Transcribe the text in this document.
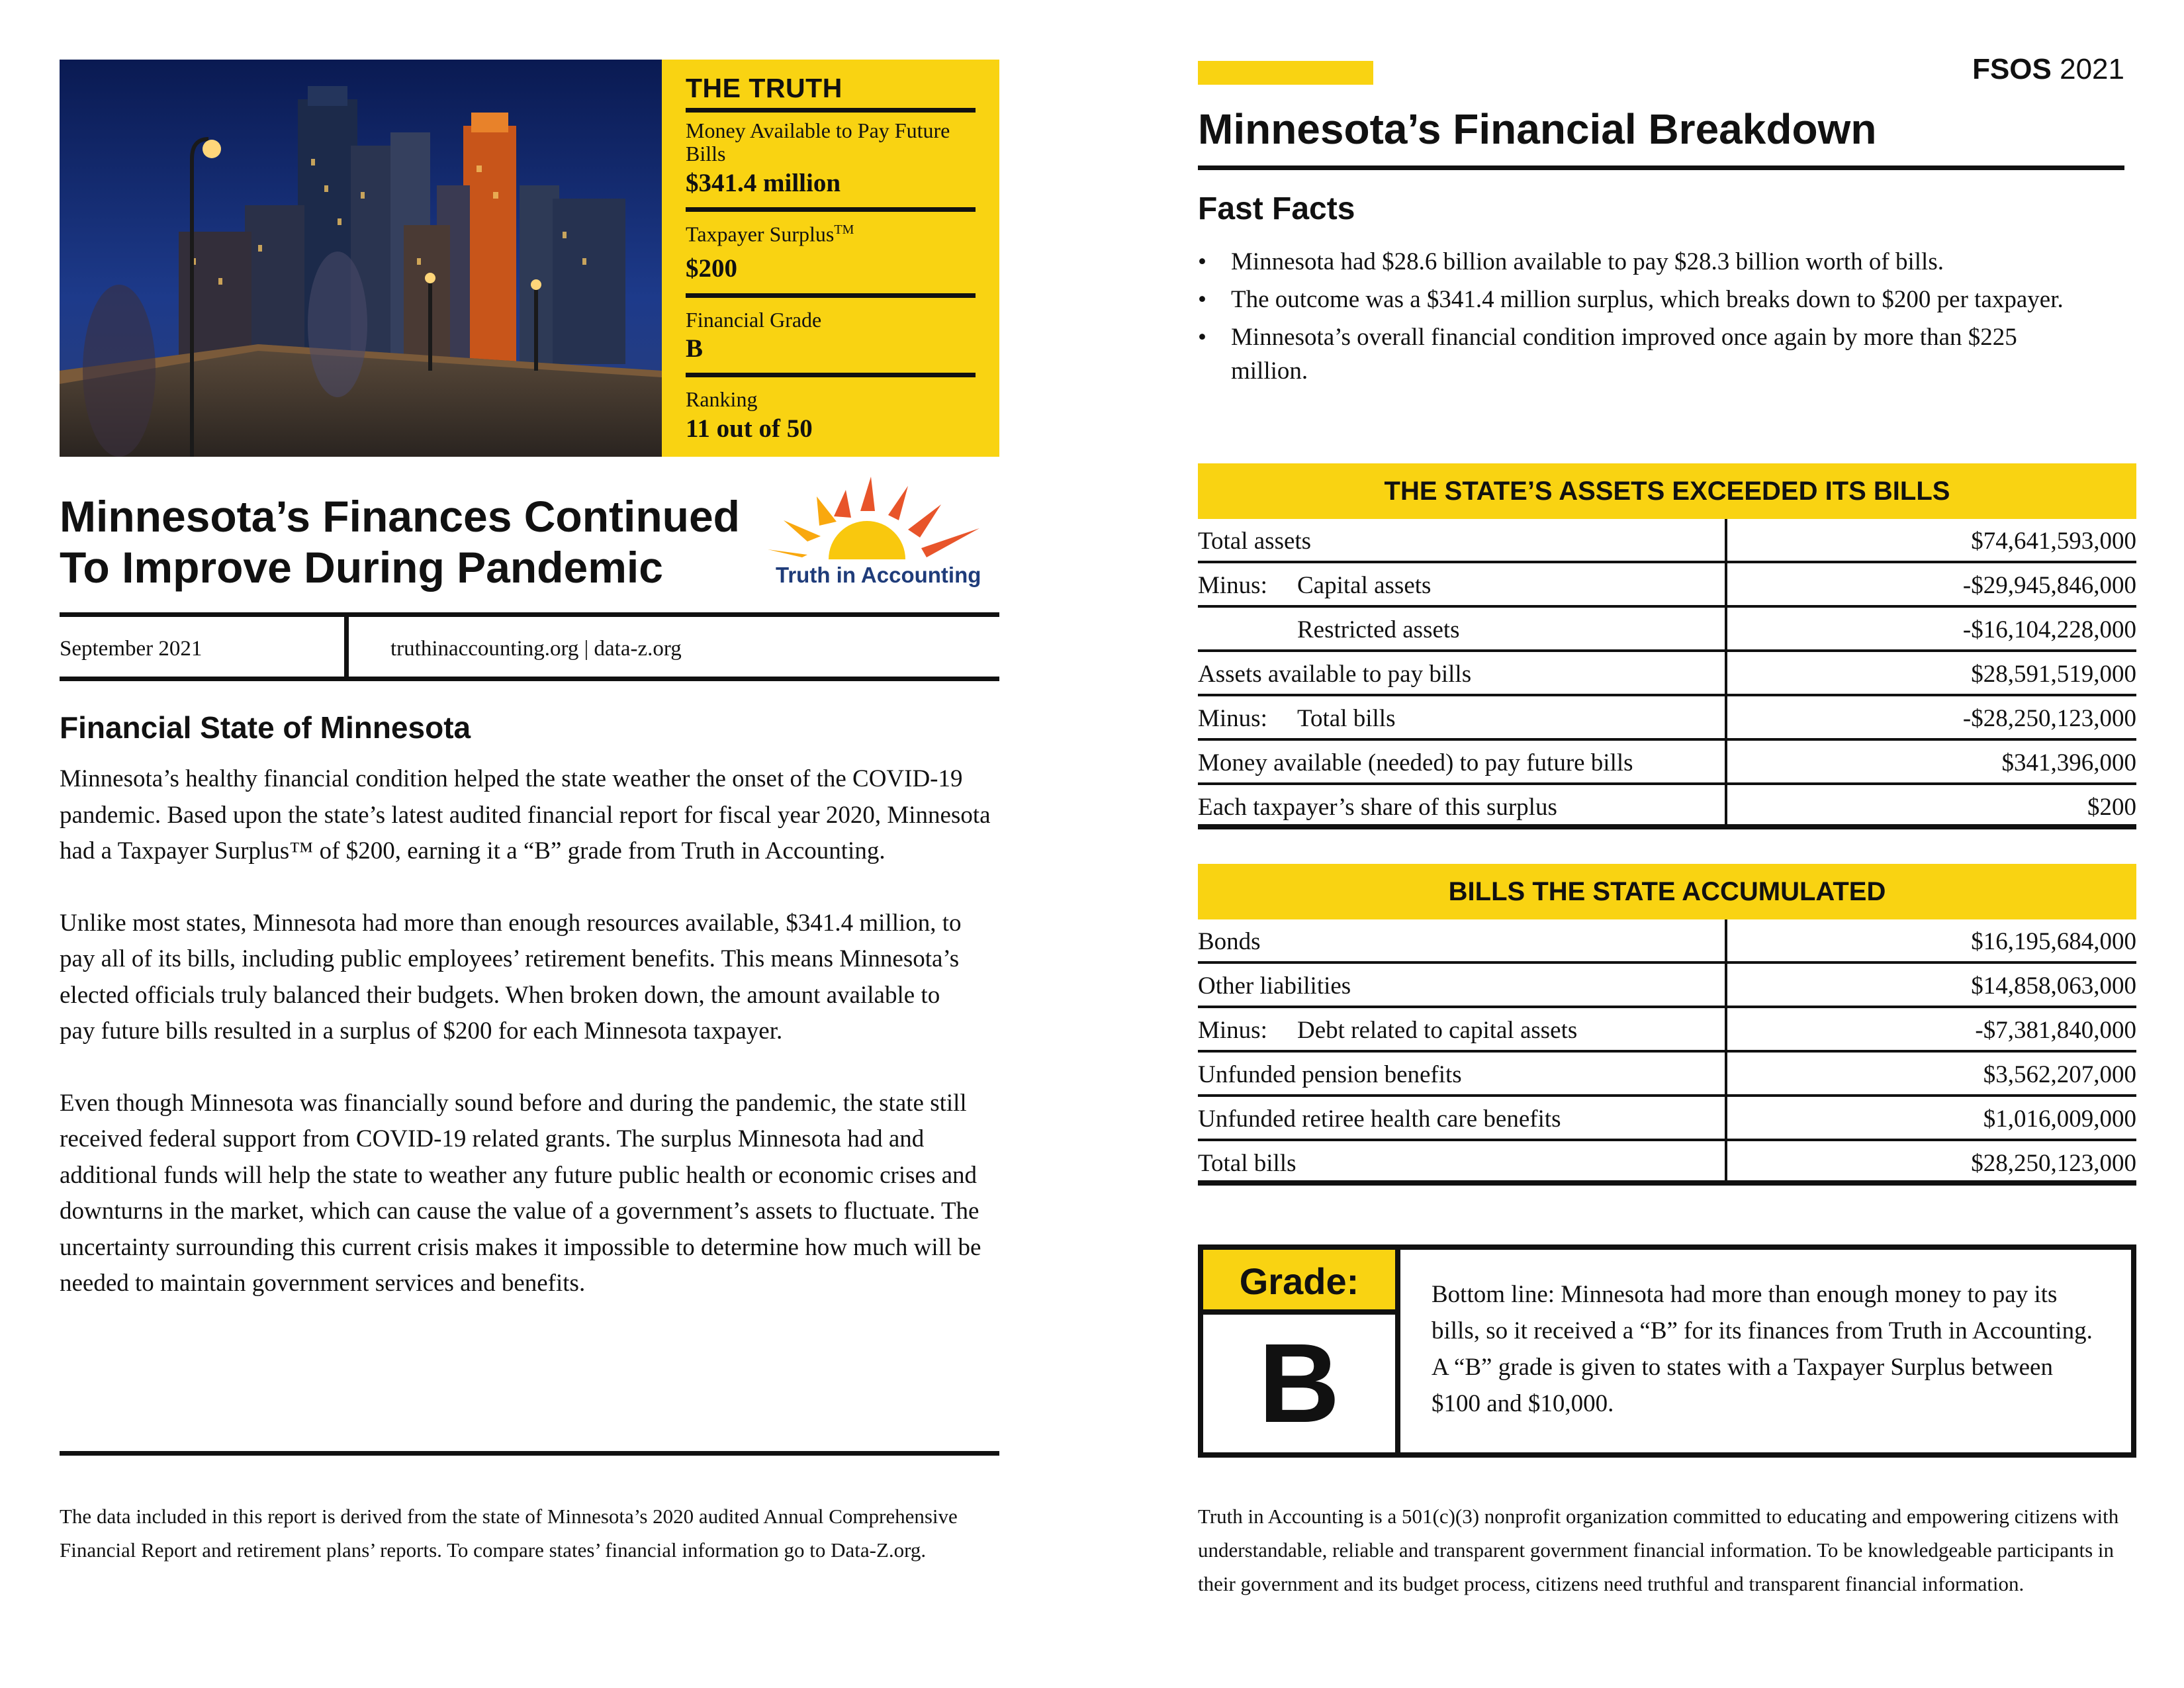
THE TRUTH
Money Available to Pay Future Bills
$341.4 million
Taxpayer Surplus™
$200
Financial Grade
B
Ranking
11 out of 50
Minnesota’s Finances Continued
To Improve During Pandemic	Truth in Accounting
September 2021	truthinaccounting.org | data-z.org
Financial State of Minnesota

Minnesota’s healthy financial condition helped the state weather the onset of the COVID-19 pandemic. Based upon the state’s latest audited financial report for fiscal year 2020, Minnesota had a Taxpayer Surplus™ of $200, earning it a “B” grade from Truth in Accounting.

Unlike most states, Minnesota had more than enough resources available, $341.4 million, to pay all of its bills, including public employees’ retirement benefits. This means Minnesota’s elected officials truly balanced their budgets. When broken down, the amount available to pay future bills resulted in a surplus of $200 for each Minnesota taxpayer.

Even though Minnesota was financially sound before and during the pandemic, the state still received federal support from COVID-19 related grants. The surplus Minnesota had and additional funds will help the state to weather any future public health or economic crises and downturns in the market, which can cause the value of a government’s assets to fluctuate. The uncertainty surrounding this current crisis makes it impossible to determine how much will be needed to maintain government services and benefits.

The data included in this report is derived from the state of Minnesota’s 2020 audited Annual Comprehensive Financial Report and retirement plans’ reports. To compare states’ financial information go to Data-Z.org.
FSOS 2021
Minnesota’s Financial Breakdown
Fast Facts
• Minnesota had $28.6 billion available to pay $28.3 billion worth of bills.
• The outcome was a $341.4 million surplus, which breaks down to $200 per taxpayer.
• Minnesota’s overall financial condition improved once again by more than $225 million.
THE STATE’S ASSETS EXCEEDED ITS BILLS
Total assets	$74,641,593,000
Minus: Capital assets	-$29,945,846,000
Restricted assets	-$16,104,228,000
Assets available to pay bills	$28,591,519,000
Minus: Total bills	-$28,250,123,000
Money available (needed) to pay future bills	$341,396,000
Each taxpayer’s share of this surplus	$200
BILLS THE STATE ACCUMULATED
Bonds	$16,195,684,000
Other liabilities	$14,858,063,000
Minus: Debt related to capital assets	-$7,381,840,000
Unfunded pension benefits	$3,562,207,000
Unfunded retiree health care benefits	$1,016,009,000
Total bills	$28,250,123,000
Grade:
B
Bottom line: Minnesota had more than enough money to pay its bills, so it received a “B” for its finances from Truth in Accounting. A “B” grade is given to states with a Taxpayer Surplus between $100 and $10,000.
Truth in Accounting is a 501(c)(3) nonprofit organization committed to educating and empowering citizens with understandable, reliable and transparent government financial information. To be knowledgeable participants in their government and its budget process, citizens need truthful and transparent financial information.
